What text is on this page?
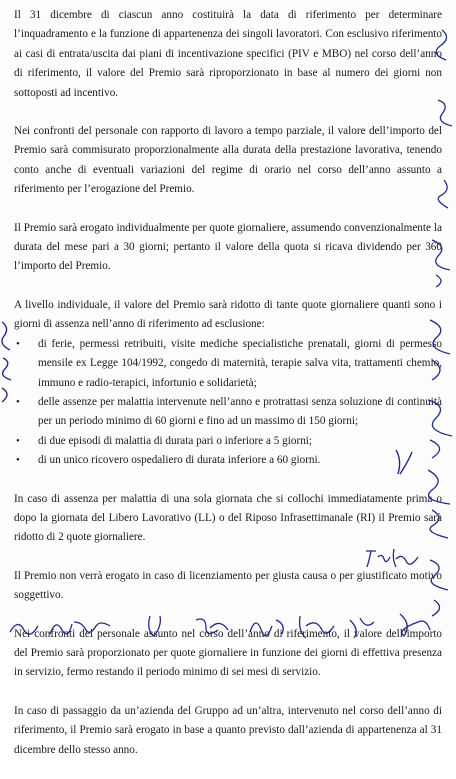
Il 31 dicembre di ciascun anno costituirà la data di riferimento per determinare l’inquadramento e la funzione di appartenenza dei singoli lavoratori. Con esclusivo riferimento ai casi di entrata/uscita dai piani di incentivazione specifici (PIV e MBO) nel corso dell’anno di riferimento, il valore del Premio sarà riproporzionato in base al numero dei giorni non sottoposti ad incentivo.

Nei confronti del personale con rapporto di lavoro a tempo parziale, il valore dell’importo del Premio sarà commisurato proporzionalmente alla durata della prestazione lavorativa, tenendo conto anche di eventuali variazioni del regime di orario nel corso dell’anno assunto a riferimento per l’erogazione del Premio.

Il Premio sarà erogato individualmente per quote giornaliere, assumendo convenzionalmente la durata del mese pari a 30 giorni; pertanto il valore della quota si ricava dividendo per 360 l’importo del Premio.

A livello individuale, il valore del Premio sarà ridotto di tante quote giornaliere quanti sono i giorni di assenza nell’anno di riferimento ad esclusione:

• di ferie, permessi retribuiti, visite mediche specialistiche prenatali, giorni di permesso mensile ex Legge 104/1992, congedo di maternità, terapie salva vita, trattamenti chemio, immuno e radio-terapici, infortunio e solidarietà;
• delle assenze per malattia intervenute nell’anno e protrattasi senza soluzione di continuità per un periodo minimo di 60 giorni e fino ad un massimo di 150 giorni;
• di due episodi di malattia di durata pari o inferiore a 5 giorni;
• di un unico ricovero ospedaliero di durata inferiore a 60 giorni.

In caso di assenza per malattia di una sola giornata che si collochi immediatamente prima o dopo la giornata del Libero Lavorativo (LL) o del Riposo Infrasettimanale (RI) il Premio sarà ridotto di 2 quote giornaliere.

Il Premio non verrà erogato in caso di licenziamento per giusta causa o per giustificato motivo soggettivo.

Nei confronti del personale assunto nel corso dell’anno di riferimento, il valore dell’importo del Premio sarà proporzionato per quote giornaliere in funzione dei giorni di effettiva presenza in servizio, fermo restando il periodo minimo di sei mesi di servizio.

In caso di passaggio da un’azienda del Gruppo ad un’altra, intervenuto nel corso dell’anno di riferimento, il Premio sarà erogato in base a quanto previsto dall’azienda di appartenenza al 31 dicembre dello stesso anno.
